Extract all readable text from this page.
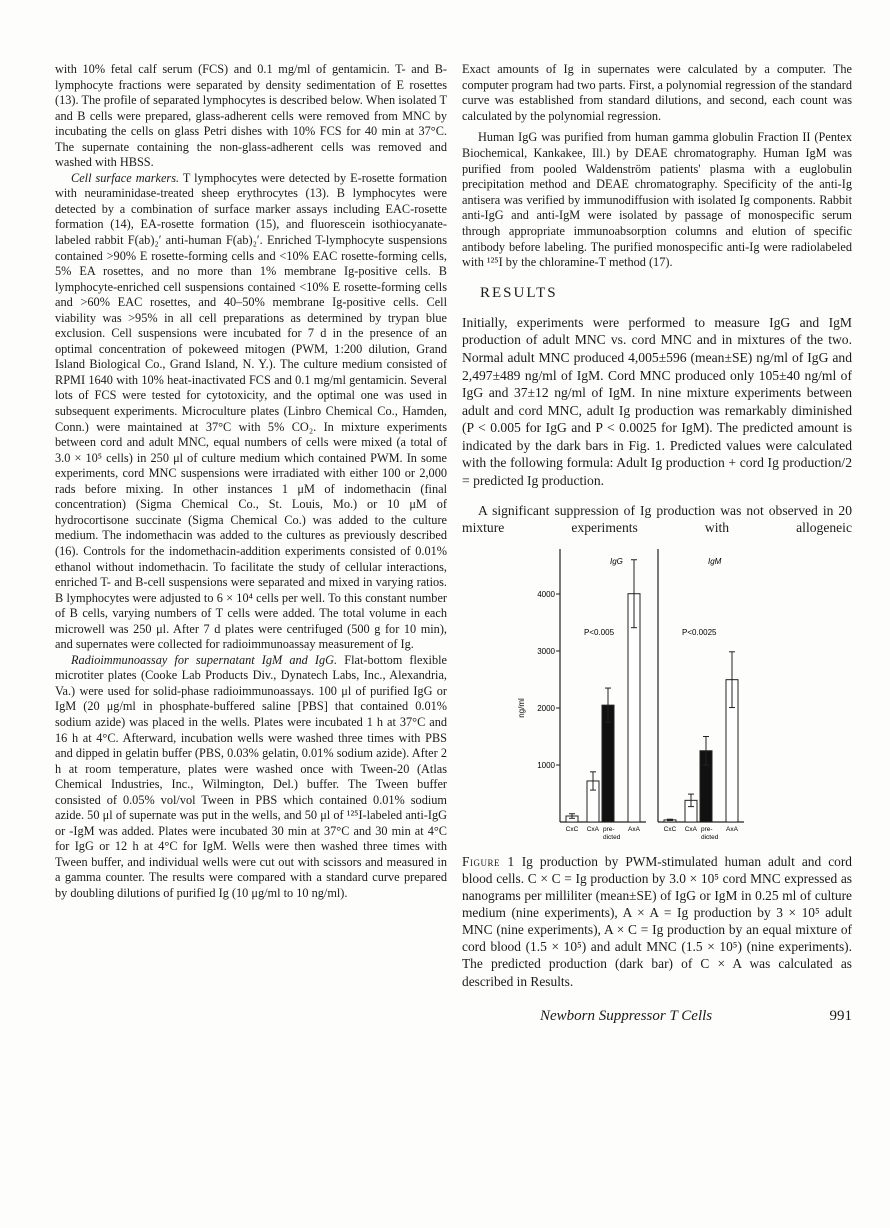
with 10% fetal calf serum (FCS) and 0.1 mg/ml of gentamicin. T- and B-lymphocyte fractions were separated by density sedimentation of E rosettes (13). The profile of separated lymphocytes is described below. When isolated T and B cells were prepared, glass-adherent cells were removed from MNC by incubating the cells on glass Petri dishes with 10% FCS for 40 min at 37°C. The supernate containing the non-glass-adherent cells was removed and washed with HBSS.

Cell surface markers. T lymphocytes were detected by E-rosette formation with neuraminidase-treated sheep erythrocytes (13). B lymphocytes were detected by a combination of surface marker assays including EAC-rosette formation (14), EA-rosette formation (15), and fluorescein isothiocyanate-labeled rabbit F(ab)₂′ anti-human F(ab)₂′. Enriched T-lymphocyte suspensions contained >90% E rosette-forming cells and <10% EAC rosette-forming cells, 5% EA rosettes, and no more than 1% membrane Ig-positive cells. B lymphocyte-enriched cell suspensions contained <10% E rosette-forming cells and >60% EAC rosettes, and 40–50% membrane Ig-positive cells. Cell viability was >95% in all cell preparations as determined by trypan blue exclusion. Cell suspensions were incubated for 7 d in the presence of an optimal concentration of pokeweed mitogen (PWM, 1:200 dilution, Grand Island Biological Co., Grand Island, N. Y.). The culture medium consisted of RPMI 1640 with 10% heat-inactivated FCS and 0.1 mg/ml gentamicin. Several lots of FCS were tested for cytotoxicity, and the optimal one was used in subsequent experiments. Microculture plates (Linbro Chemical Co., Hamden, Conn.) were maintained at 37°C with 5% CO₂. In mixture experiments between cord and adult MNC, equal numbers of cells were mixed (a total of 3.0 × 10⁵ cells) in 250 μl of culture medium which contained PWM. In some experiments, cord MNC suspensions were irradiated with either 100 or 2,000 rads before mixing. In other instances 1 μM of indomethacin (final concentration) (Sigma Chemical Co., St. Louis, Mo.) or 10 μM of hydrocortisone succinate (Sigma Chemical Co.) was added to the culture medium. The indomethacin was added to the cultures as previously described (16). Controls for the indomethacin-addition experiments consisted of 0.01% ethanol without indomethacin. To facilitate the study of cellular interactions, enriched T- and B-cell suspensions were separated and mixed in varying ratios. B lymphocytes were adjusted to 6 × 10⁴ cells per well. To this constant number of B cells, varying numbers of T cells were added. The total volume in each microwell was 250 μl. After 7 d plates were centrifuged (500 g for 10 min), and supernates were collected for radioimmunoassay measurement of Ig.

Radioimmunoassay for supernatant IgM and IgG. Flat-bottom flexible microtiter plates (Cooke Lab Products Div., Dynatech Labs, Inc., Alexandria, Va.) were used for solid-phase radioimmunoassays. 100 μl of purified IgG or IgM (20 μg/ml in phosphate-buffered saline [PBS] that contained 0.01% sodium azide) was placed in the wells. Plates were incubated 1 h at 37°C and 16 h at 4°C. Afterward, incubation wells were washed three times with PBS and dipped in gelatin buffer (PBS, 0.03% gelatin, 0.01% sodium azide). After 2 h at room temperature, plates were washed once with Tween-20 (Atlas Chemical Industries, Inc., Wilmington, Del.) buffer. The Tween buffer consisted of 0.05% vol/vol Tween in PBS which contained 0.01% sodium azide. 50 μl of supernate was put in the wells, and 50 μl of ¹²⁵I-labeled anti-IgG or -IgM was added. Plates were incubated 30 min at 37°C and 30 min at 4°C for IgG or 12 h at 4°C for IgM. Wells were then washed three times with Tween buffer, and individual wells were cut out with scissors and measured in a gamma counter. The results were compared with a standard curve prepared by doubling dilutions of purified Ig (10 μg/ml to 10 ng/ml).

Exact amounts of Ig in supernates were calculated by a computer. The computer program had two parts. First, a polynomial regression of the standard curve was established from standard dilutions, and second, each count was calculated by the polynomial regression.

Human IgG was purified from human gamma globulin Fraction II (Pentex Biochemical, Kankakee, Ill.) by DEAE chromatography. Human IgM was purified from pooled Waldenström patients' plasma with a euglobulin precipitation method and DEAE chromatography. Specificity of the anti-Ig antisera was verified by immunodiffusion with isolated Ig components. Rabbit anti-IgG and anti-IgM were isolated by passage of monospecific serum through appropriate immunoabsorption columns and elution of specific antibody before labeling. The purified monospecific anti-Ig were radiolabeled with ¹²⁵I by the chloramine-T method (17).

RESULTS

Initially, experiments were performed to measure IgG and IgM production of adult MNC vs. cord MNC and in mixtures of the two. Normal adult MNC produced 4,005±596 (mean±SE) ng/ml of IgG and 2,497±489 ng/ml of IgM. Cord MNC produced only 105±40 ng/ml of IgG and 37±12 ng/ml of IgM. In nine mixture experiments between adult and cord MNC, adult Ig production was remarkably diminished (P < 0.005 for IgG and P < 0.0025 for IgM). The predicted amount is indicated by the dark bars in Fig. 1. Predicted values were calculated with the following formula: Adult Ig production + cord Ig production/2 = predicted Ig production.

A significant suppression of Ig production was not observed in 20 mixture experiments with allogeneic

ng/ml
1000
2000
3000
4000
IgG
P<0.005
CxC CxA pre-
dicted
AxA
IgM
P<0.0025
CxC CxA pre-
dicted
AxA
Figure 1 Ig production by PWM-stimulated human adult and cord blood cells. C × C = Ig production by 3.0 × 10⁵ cord MNC expressed as nanograms per milliliter (mean±SE) of IgG or IgM in 0.25 ml of culture medium (nine experiments), A × A = Ig production by 3 × 10⁵ adult MNC (nine experiments), A × C = Ig production by an equal mixture of cord blood (1.5 × 10⁵) and adult MNC (1.5 × 10⁵) (nine experiments). The predicted production (dark bar) of C × A was calculated as described in Results.
Newborn Suppressor T Cells	991
